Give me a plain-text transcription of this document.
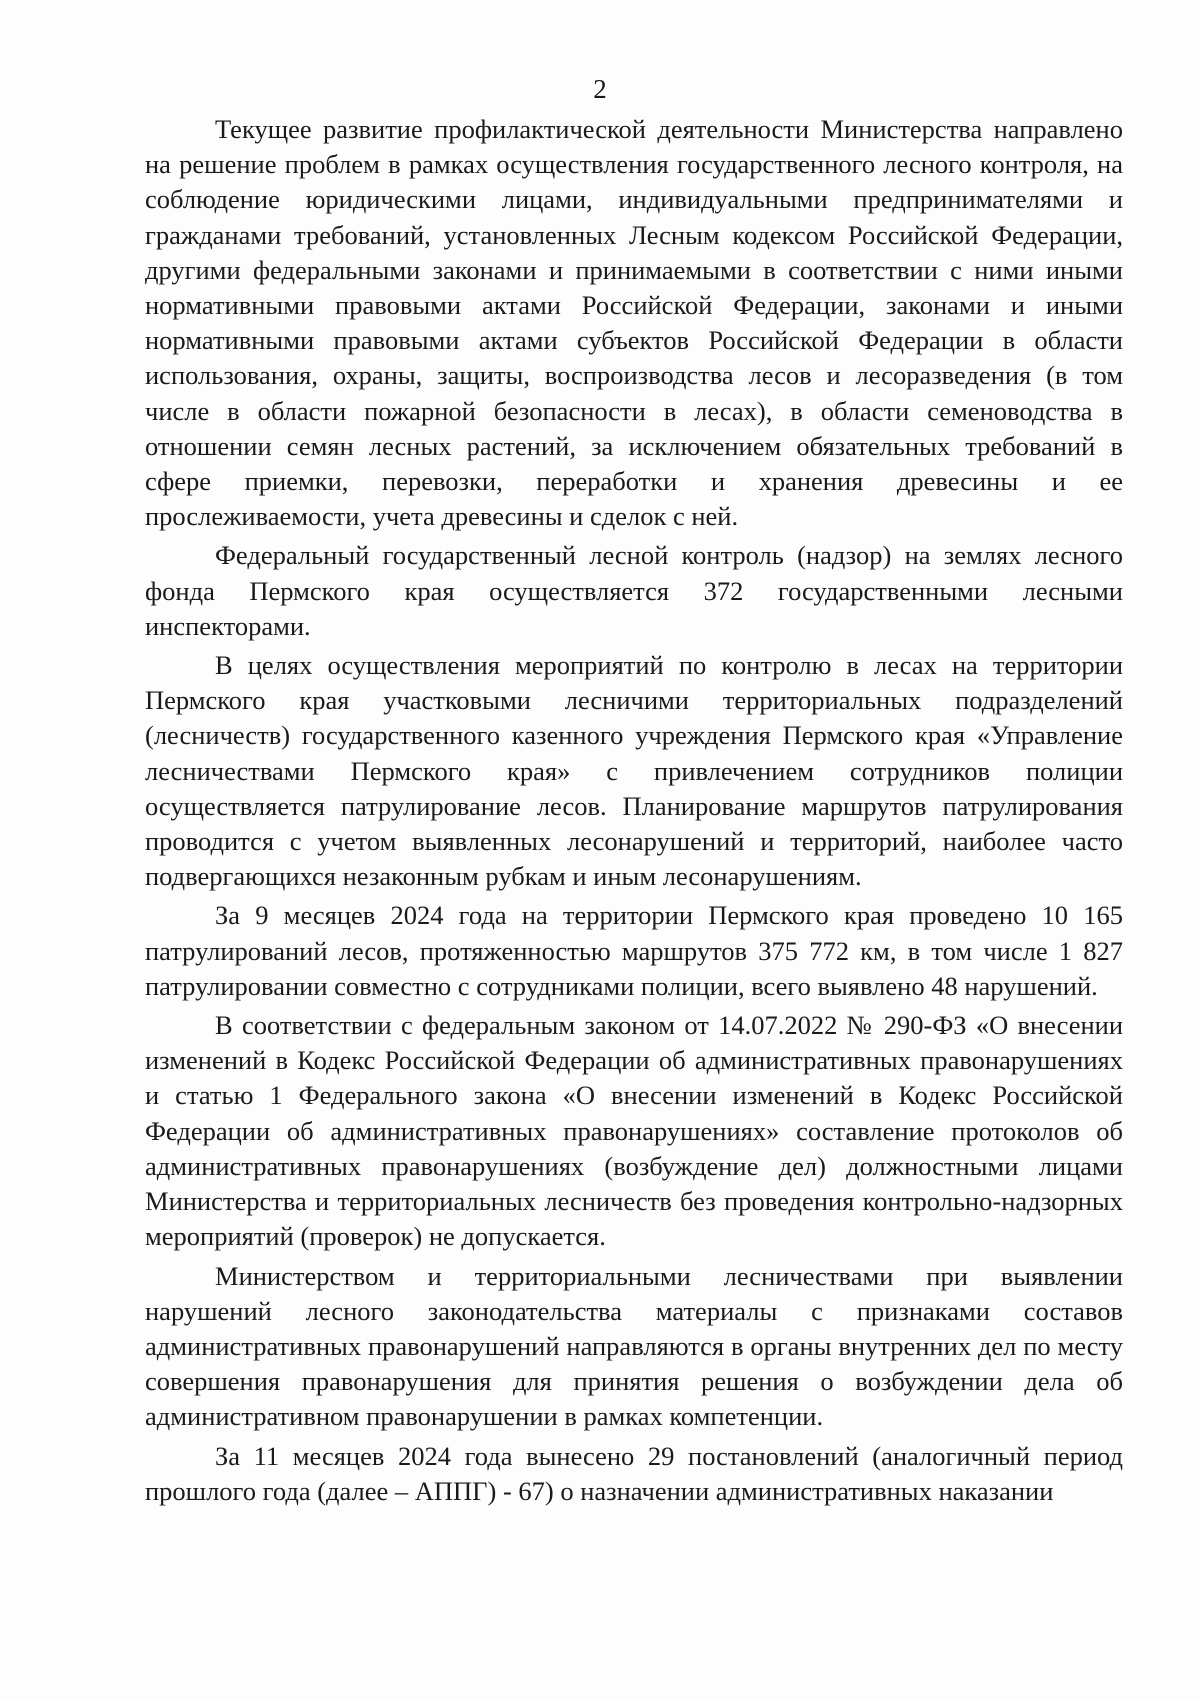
2

Текущее развитие профилактической деятельности Министерства направлено на решение проблем в рамках осуществления государственного лесного контроля, на соблюдение юридическими лицами, индивидуальными предпринимателями и гражданами требований, установленных Лесным кодексом Российской Федерации, другими федеральными законами и принимаемыми в соответствии с ними иными нормативными правовыми актами Российской Федерации, законами и иными нормативными правовыми актами субъектов Российской Федерации в области использования, охраны, защиты, воспроизводства лесов и лесоразведения (в том числе в области пожарной безопасности в лесах), в области семеноводства в отношении семян лесных растений, за исключением обязательных требований в сфере приемки, перевозки, переработки и хранения древесины и ее прослеживаемости, учета древесины и сделок с ней.

Федеральный государственный лесной контроль (надзор) на землях лесного фонда Пермского края осуществляется 372 государственными лесными инспекторами.

В целях осуществления мероприятий по контролю в лесах на территории Пермского края участковыми лесничими территориальных подразделений (лесничеств) государственного казенного учреждения Пермского края «Управление лесничествами Пермского края» с привлечением сотрудников полиции осуществляется патрулирование лесов. Планирование маршрутов патрулирования проводится с учетом выявленных лесонарушений и территорий, наиболее часто подвергающихся незаконным рубкам и иным лесонарушениям.

За 9 месяцев 2024 года на территории Пермского края проведено 10 165 патрулирований лесов, протяженностью маршрутов 375 772 км, в том числе 1 827 патрулировании совместно с сотрудниками полиции, всего выявлено 48 нарушений.

В соответствии с федеральным законом от 14.07.2022 № 290-ФЗ «О внесении изменений в Кодекс Российской Федерации об административных правонарушениях и статью 1 Федерального закона «О внесении изменений в Кодекс Российской Федерации об административных правонарушениях» составление протоколов об административных правонарушениях (возбуждение дел) должностными лицами Министерства и территориальных лесничеств без проведения контрольно-надзорных мероприятий (проверок) не допускается.

Министерством и территориальными лесничествами при выявлении нарушений лесного законодательства материалы с признаками составов административных правонарушений направляются в органы внутренних дел по месту совершения правонарушения для принятия решения о возбуждении дела об административном правонарушении в рамках компетенции.

За 11 месяцев 2024 года вынесено 29 постановлений (аналогичный период прошлого года (далее – АППГ) - 67) о назначении административных наказании
